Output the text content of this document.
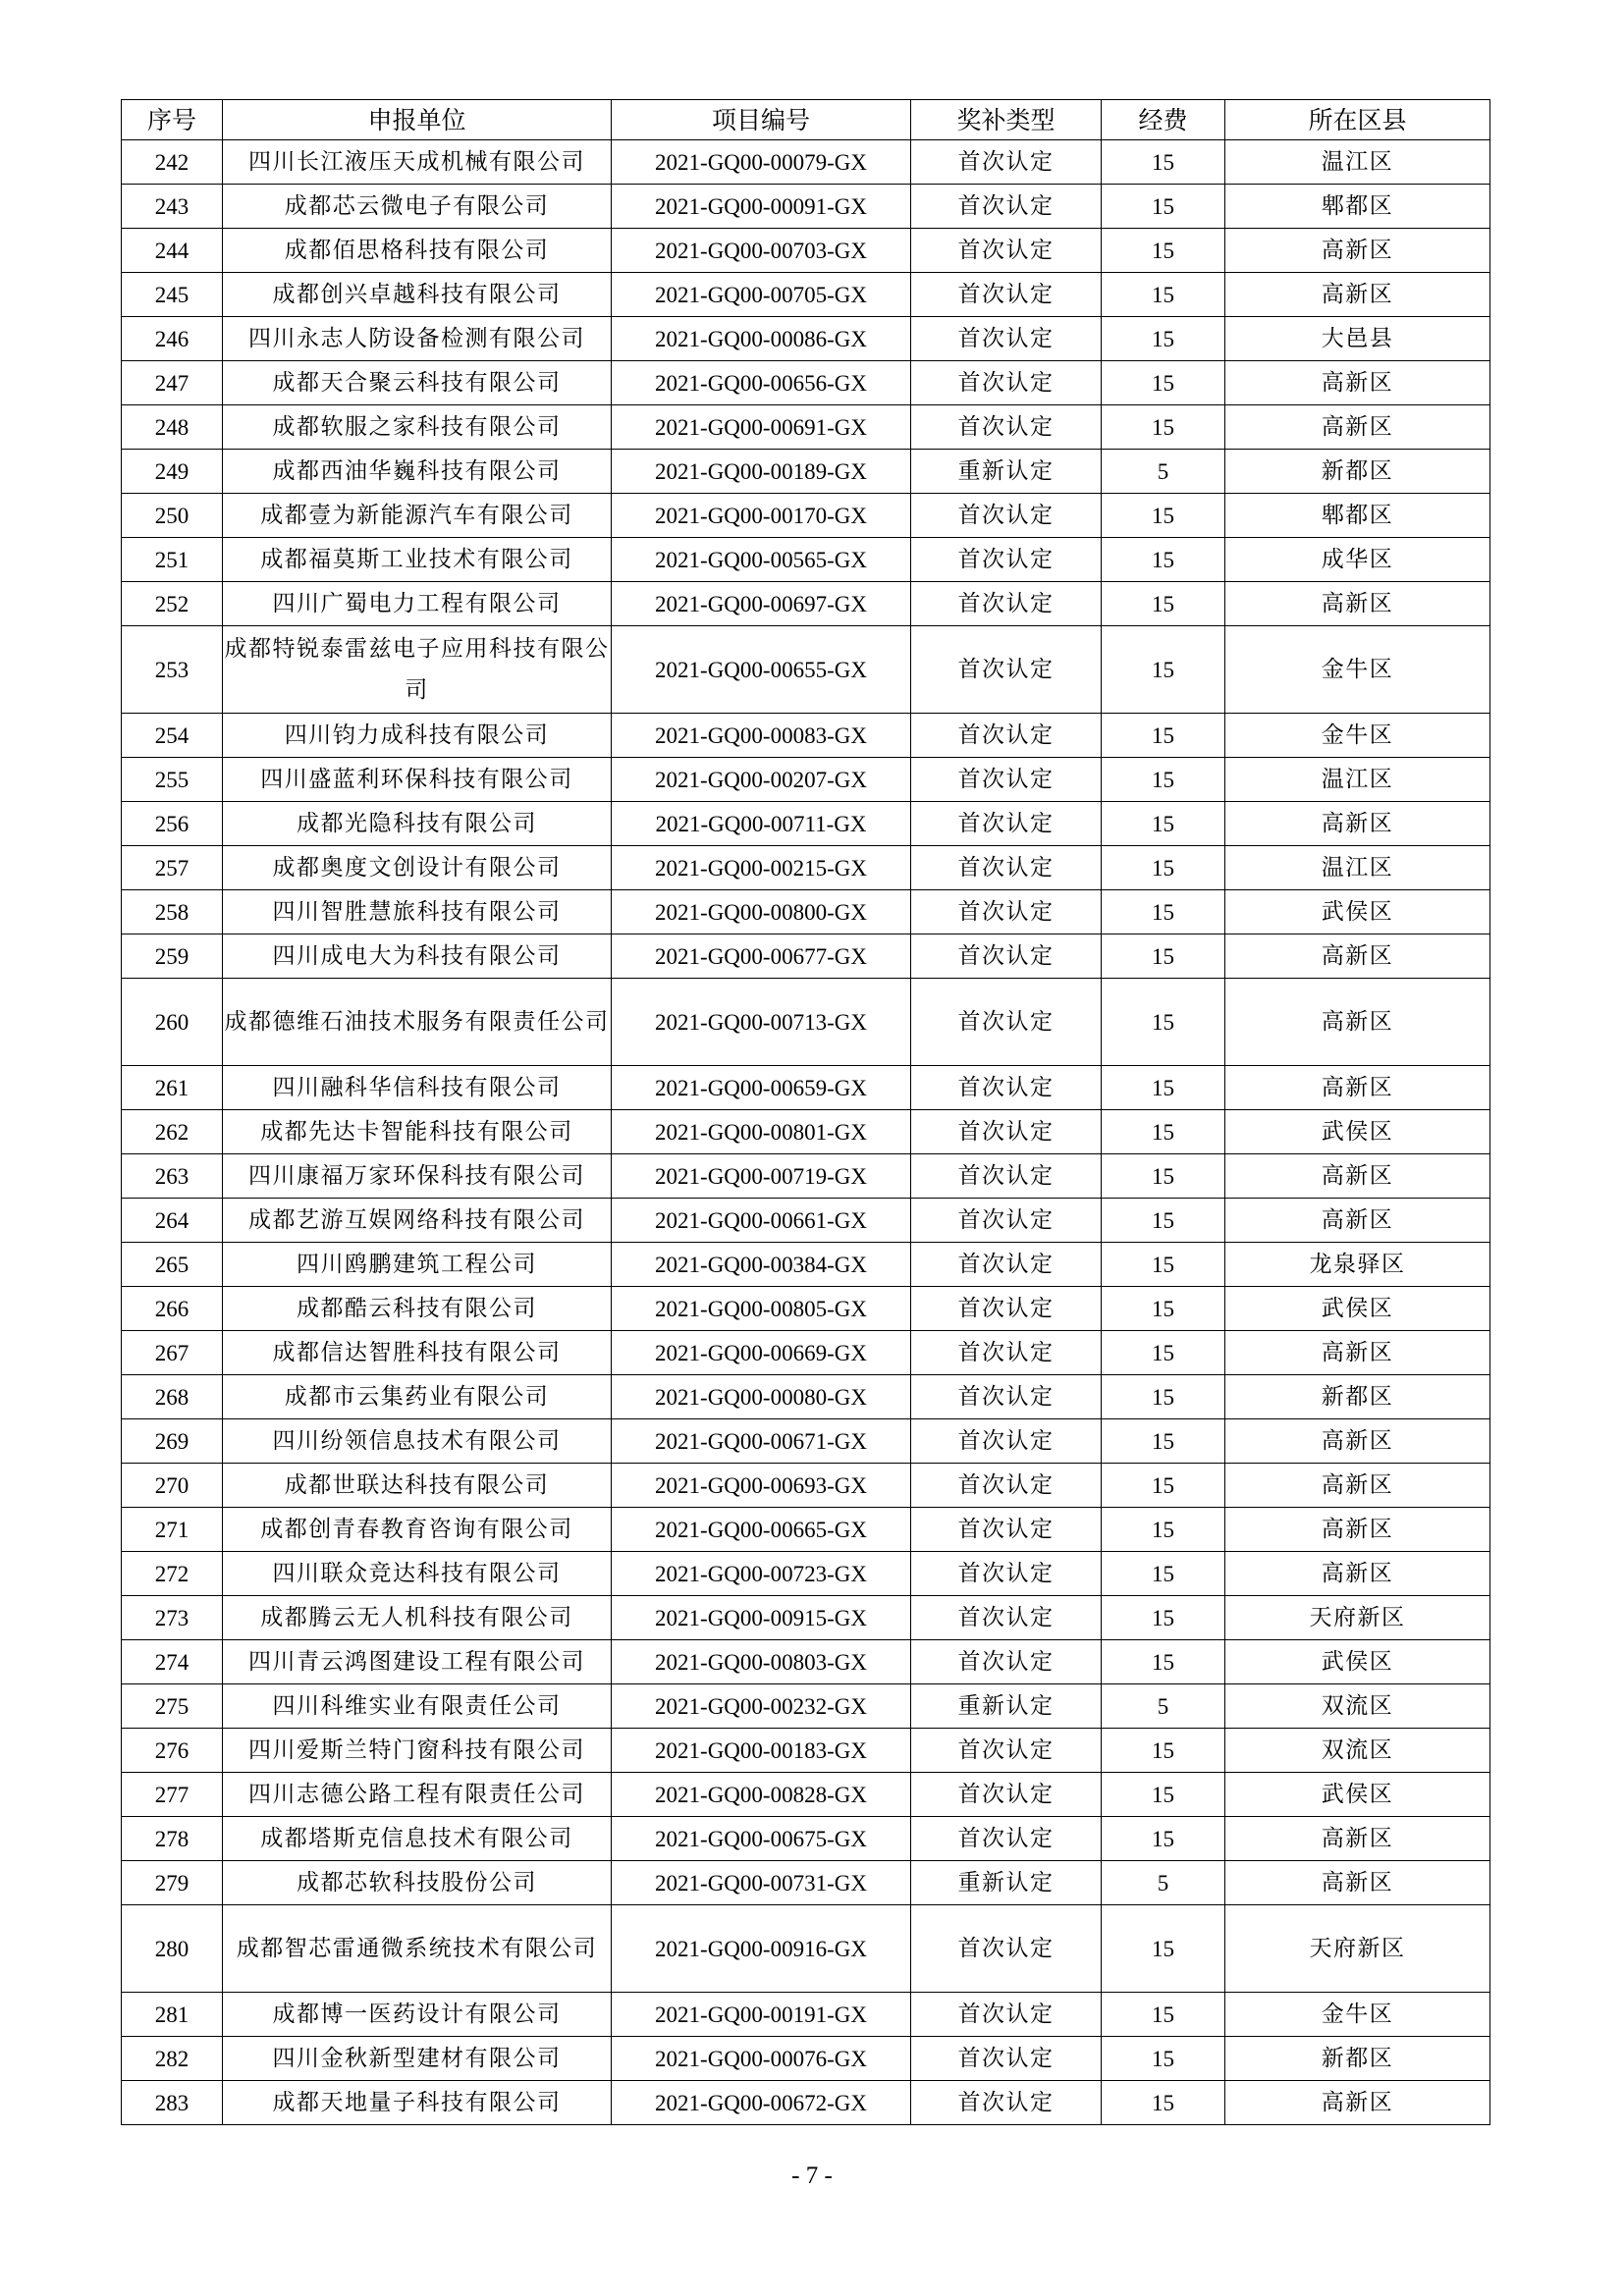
序号	申报单位	项目编号	奖补类型	经费	所在区县
242	四川长江液压天成机械有限公司	2021-GQ00-00079-GX	首次认定	15	温江区
243	成都芯云微电子有限公司	2021-GQ00-00091-GX	首次认定	15	郫都区
244	成都佰思格科技有限公司	2021-GQ00-00703-GX	首次认定	15	高新区
245	成都创兴卓越科技有限公司	2021-GQ00-00705-GX	首次认定	15	高新区
246	四川永志人防设备检测有限公司	2021-GQ00-00086-GX	首次认定	15	大邑县
247	成都天合聚云科技有限公司	2021-GQ00-00656-GX	首次认定	15	高新区
248	成都软服之家科技有限公司	2021-GQ00-00691-GX	首次认定	15	高新区
249	成都西油华巍科技有限公司	2021-GQ00-00189-GX	重新认定	5	新都区
250	成都壹为新能源汽车有限公司	2021-GQ00-00170-GX	首次认定	15	郫都区
251	成都福莫斯工业技术有限公司	2021-GQ00-00565-GX	首次认定	15	成华区
252	四川广蜀电力工程有限公司	2021-GQ00-00697-GX	首次认定	15	高新区
253	成都特锐泰雷兹电子应用科技有限公司	2021-GQ00-00655-GX	首次认定	15	金牛区
254	四川钧力成科技有限公司	2021-GQ00-00083-GX	首次认定	15	金牛区
255	四川盛蓝利环保科技有限公司	2021-GQ00-00207-GX	首次认定	15	温江区
256	成都光隐科技有限公司	2021-GQ00-00711-GX	首次认定	15	高新区
257	成都奥度文创设计有限公司	2021-GQ00-00215-GX	首次认定	15	温江区
258	四川智胜慧旅科技有限公司	2021-GQ00-00800-GX	首次认定	15	武侯区
259	四川成电大为科技有限公司	2021-GQ00-00677-GX	首次认定	15	高新区
260	成都德维石油技术服务有限责任公司	2021-GQ00-00713-GX	首次认定	15	高新区
261	四川融科华信科技有限公司	2021-GQ00-00659-GX	首次认定	15	高新区
262	成都先达卡智能科技有限公司	2021-GQ00-00801-GX	首次认定	15	武侯区
263	四川康福万家环保科技有限公司	2021-GQ00-00719-GX	首次认定	15	高新区
264	成都艺游互娱网络科技有限公司	2021-GQ00-00661-GX	首次认定	15	高新区
265	四川鸥鹏建筑工程公司	2021-GQ00-00384-GX	首次认定	15	龙泉驿区
266	成都酷云科技有限公司	2021-GQ00-00805-GX	首次认定	15	武侯区
267	成都信达智胜科技有限公司	2021-GQ00-00669-GX	首次认定	15	高新区
268	成都市云集药业有限公司	2021-GQ00-00080-GX	首次认定	15	新都区
269	四川纷领信息技术有限公司	2021-GQ00-00671-GX	首次认定	15	高新区
270	成都世联达科技有限公司	2021-GQ00-00693-GX	首次认定	15	高新区
271	成都创青春教育咨询有限公司	2021-GQ00-00665-GX	首次认定	15	高新区
272	四川联众竞达科技有限公司	2021-GQ00-00723-GX	首次认定	15	高新区
273	成都腾云无人机科技有限公司	2021-GQ00-00915-GX	首次认定	15	天府新区
274	四川青云鸿图建设工程有限公司	2021-GQ00-00803-GX	首次认定	15	武侯区
275	四川科维实业有限责任公司	2021-GQ00-00232-GX	重新认定	5	双流区
276	四川爱斯兰特门窗科技有限公司	2021-GQ00-00183-GX	首次认定	15	双流区
277	四川志德公路工程有限责任公司	2021-GQ00-00828-GX	首次认定	15	武侯区
278	成都塔斯克信息技术有限公司	2021-GQ00-00675-GX	首次认定	15	高新区
279	成都芯软科技股份公司	2021-GQ00-00731-GX	重新认定	5	高新区
280	成都智芯雷通微系统技术有限公司	2021-GQ00-00916-GX	首次认定	15	天府新区
281	成都博一医药设计有限公司	2021-GQ00-00191-GX	首次认定	15	金牛区
282	四川金秋新型建材有限公司	2021-GQ00-00076-GX	首次认定	15	新都区
283	成都天地量子科技有限公司	2021-GQ00-00672-GX	首次认定	15	高新区
- 7 -
